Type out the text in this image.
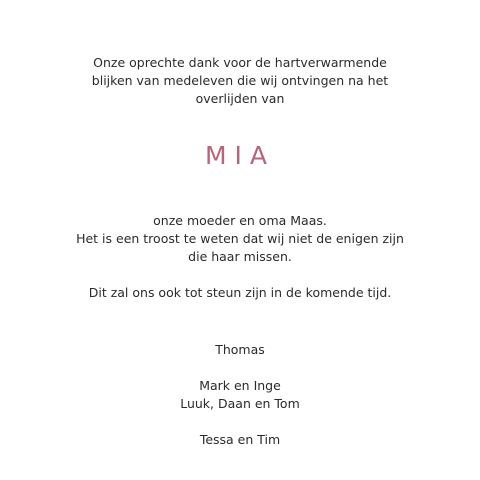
Onze oprechte dank voor de hartverwarmende
blijken van medeleven die wij ontvingen na het
overlijden van
MIA
onze moeder en oma Maas.
Het is een troost te weten dat wij niet de enigen zijn
die haar missen.
Dit zal ons ook tot steun zijn in de komende tijd.
Thomas
Mark en Inge
Luuk, Daan en Tom
Tessa en Tim
